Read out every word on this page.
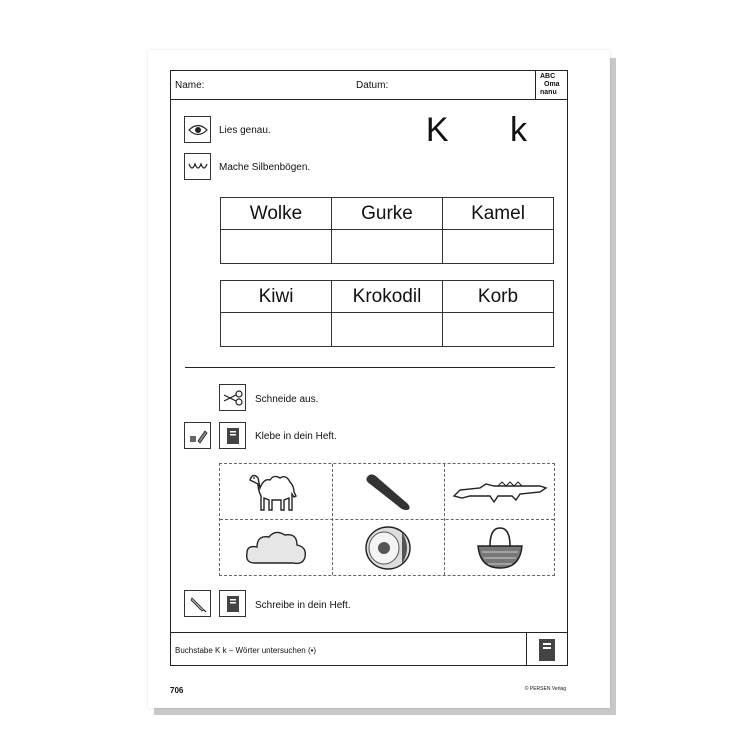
Name:	Datum:
ABC
Oma
nanu
K k
Lies genau.
Mache Silbenbögen.
Wolke	Gurke	Kamel

Kiwi	Krokodil	Korb

Schneide aus.
Klebe in dein Heft.
Schreibe in dein Heft.
Buchstabe K k – Wörter untersuchen (•)
706	© PERSEN Verlag
